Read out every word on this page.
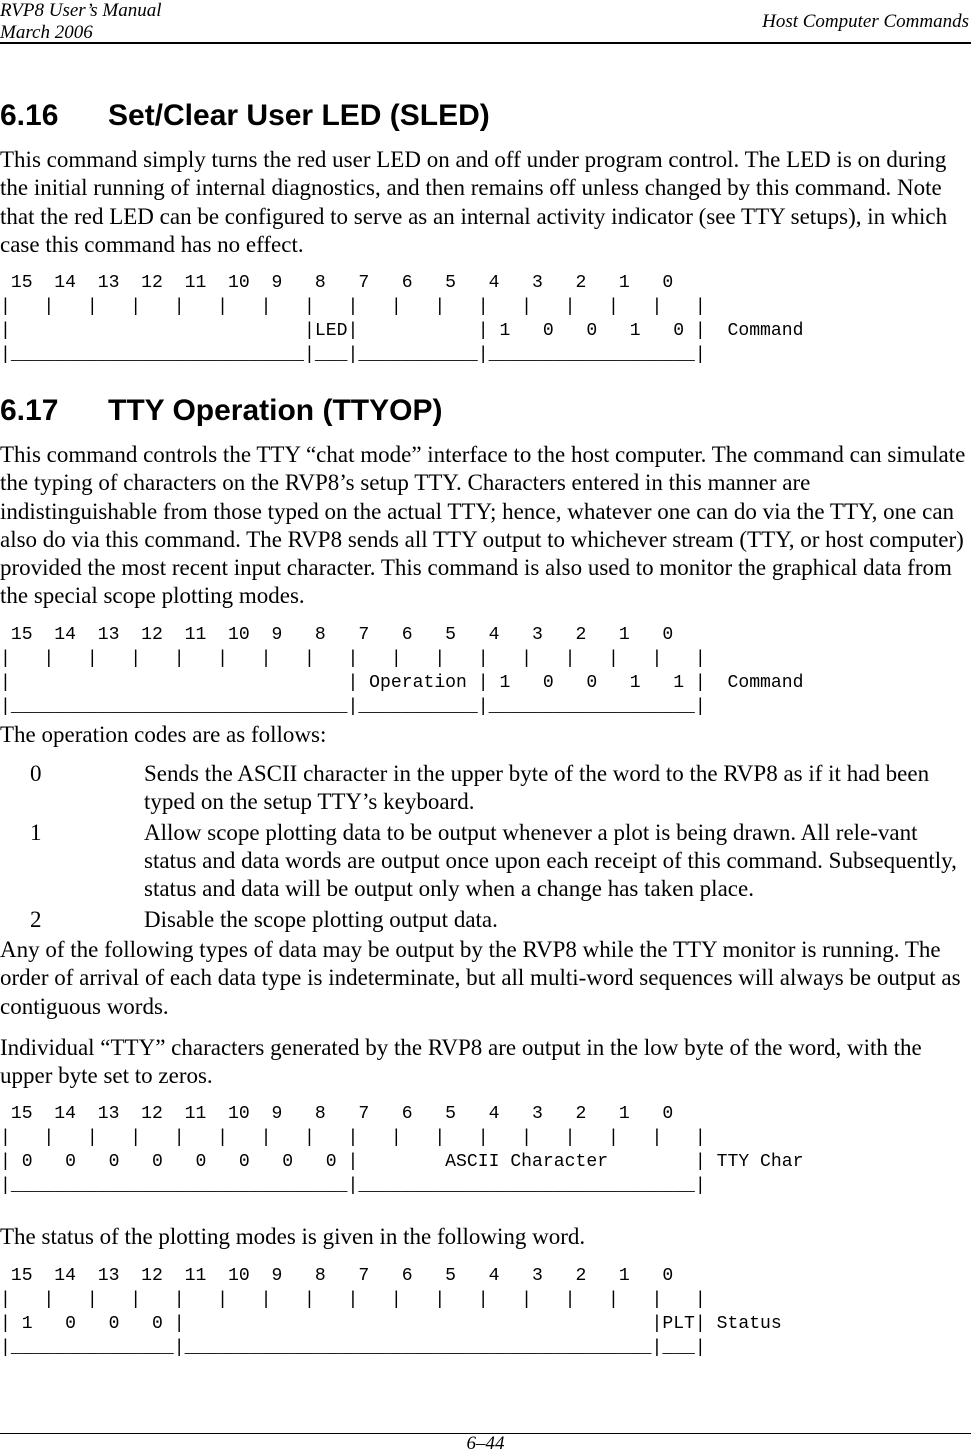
RVP8 User’s Manual
March 2006
Host Computer Commands
6.16 Set/Clear User LED (SLED)

This command simply turns the red user LED on and off under program control. The LED is on during the initial running of internal diagnostics, and then remains off unless changed by this command. Note that the red LED can be configured to serve as an internal activity indicator (see TTY setups), in which case this command has no effect.

15  14  13  12  11  10  9   8   7   6   5   4   3   2   1   0
|   |   |   |   |   |   |   |   |   |   |   |   |   |   |   |   |
|                           |LED|           | 1   0   0   1   0 |  Command
|___________________________|___|___________|___________________|
6.17 TTY Operation (TTYOP)

This command controls the TTY “chat mode” interface to the host computer. The command can simulate the typing of characters on the RVP8’s setup TTY. Characters entered in this manner are indistinguishable from those typed on the actual TTY; hence, whatever one can do via the TTY, one can also do via this command. The RVP8 sends all TTY output to whichever stream (TTY, or host computer) provided the most recent input character. This command is also used to monitor the graphical data from the special scope plotting modes.

15  14  13  12  11  10  9   8   7   6   5   4   3   2   1   0
|   |   |   |   |   |   |   |   |   |   |   |   |   |   |   |   |
|                               | Operation | 1   0   0   1   1 |  Command
|_______________________________|___________|___________________|

The operation codes are as follows:

0	Sends the ASCII character in the upper byte of the word to the RVP8 as if it had been typed on the setup TTY’s keyboard.
1	Allow scope plotting data to be output whenever a plot is being drawn. All rele-vant status and data words are output once upon each receipt of this command. Subsequently, status and data will be output only when a change has taken place.
2	Disable the scope plotting output data.

Any of the following types of data may be output by the RVP8 while the TTY monitor is running. The order of arrival of each data type is indeterminate, but all multi-word sequences will always be output as contiguous words.

Individual “TTY” characters generated by the RVP8 are output in the low byte of the word, with the upper byte set to zeros.

15  14  13  12  11  10  9   8   7   6   5   4   3   2   1   0
|   |   |   |   |   |   |   |   |   |   |   |   |   |   |   |   |
| 0   0   0   0   0   0   0   0 |        ASCII Character        | TTY Char
|_______________________________|_______________________________|

The status of the plotting modes is given in the following word.

15  14  13  12  11  10  9   8   7   6   5   4   3   2   1   0
|   |   |   |   |   |   |   |   |   |   |   |   |   |   |   |   |
| 1   0   0   0 |                                           |PLT| Status
|_______________|___________________________________________|___|
6–44
